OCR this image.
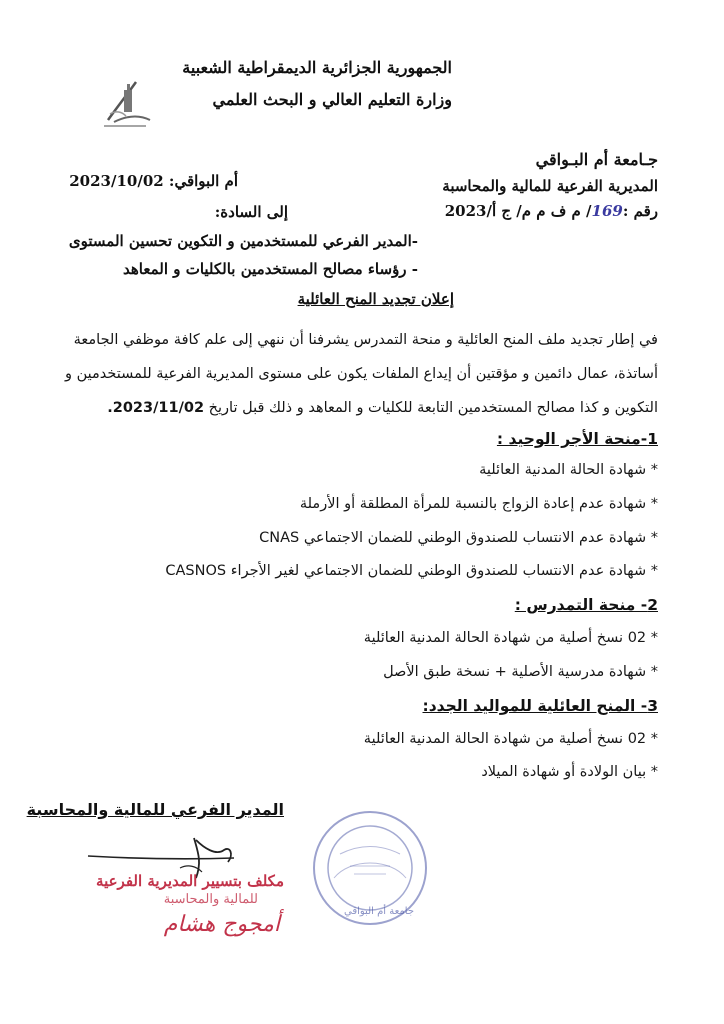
الجمهورية الجزائرية الديمقراطية الشعبية
وزارة التعليم العالي و البحث العلمي
جـامعة أم البـواقي
المديرية الفرعية للمالية والمحاسبة
رقم :169/ م ف م م/ ج أ/2023
أم البواقي: 2023/10/02
إلى السادة:
-المدير الفرعي للمستخدمين و التكوين تحسين المستوى
- رؤساء مصالح المستخدمين بالكليات و المعاهد
إعلان تجديد المنح العائلية
في إطار تجديد ملف المنح العائلية و منحة التمدرس يشرفنا أن ننهي إلى علم كافة موظفي الجامعة
أساتذة، عمال دائمين و مؤقتين أن إيداع الملفات يكون على مستوى المديرية الفرعية للمستخدمين و
التكوين و كذا مصالح المستخدمين التابعة للكليات و المعاهد و ذلك قبل تاريخ 2023/11/02.
1-منحة الأجر الوحيد :
* شهادة الحالة المدنية العائلية
* شهادة عدم إعادة الزواج بالنسبة للمرأة المطلقة أو الأرملة
* شهادة عدم الانتساب للصندوق الوطني للضمان الاجتماعي CNAS
* شهادة عدم الانتساب للصندوق الوطني للضمان الاجتماعي لغير الأجراء CASNOS
2- منحة التمدرس :
* 02 نسخ أصلية من شهادة الحالة المدنية العائلية
* شهادة مدرسية الأصلية + نسخة طبق الأصل
3- المنح العائلية للمواليد الجدد:
* 02 نسخ أصلية من شهادة الحالة المدنية العائلية
* بيان الولادة أو شهادة الميلاد
المدير الفرعي للمالية والمحاسبة
جامعة أم البواقي
مكلف بتسيير المديرية الفرعية
للمالية والمحاسبة
أمجوج هشام
